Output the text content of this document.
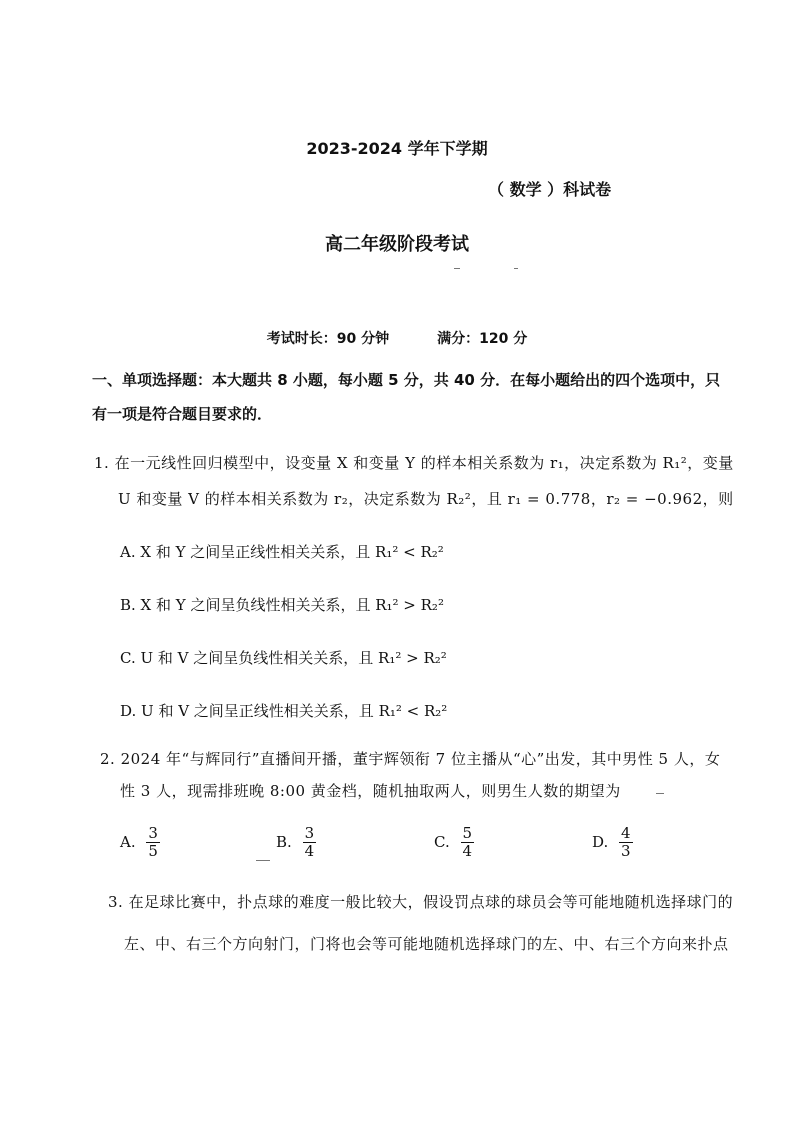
2023-2024 学年下学期
（ 数学 ）科试卷
高二年级阶段考试
考试时长：90 分钟	满分：120 分
一、单项选择题：本大题共 8 小题，每小题 5 分，共 40 分．在每小题给出的四个选项中，只
有一项是符合题目要求的．
1. 在一元线性回归模型中，设变量 X 和变量 Y 的样本相关系数为 r₁，决定系数为 R₁²，变量
U 和变量 V 的样本相关系数为 r₂，决定系数为 R₂²，且 r₁ = 0.778，r₂ = −0.962，则
A. X 和 Y 之间呈正线性相关关系，且 R₁² < R₂²
B. X 和 Y 之间呈负线性相关关系，且 R₁² > R₂²
C. U 和 V 之间呈负线性相关关系，且 R₁² > R₂²
D. U 和 V 之间呈正线性相关关系，且 R₁² < R₂²
2. 2024 年“与辉同行”直播间开播，董宇辉领衔 7 位主播从“心”出发，其中男性 5 人，女
性 3 人，现需排班晚 8:00 黄金档，随机抽取两人，则男生人数的期望为
A. $\frac{3}{5}$	B. $\frac{3}{4}$	C. $\frac{5}{4}$	D. $\frac{4}{3}$
3. 在足球比赛中，扑点球的难度一般比较大，假设罚点球的球员会等可能地随机选择球门的
左、中、右三个方向射门，门将也会等可能地随机选择球门的左、中、右三个方向来扑点
